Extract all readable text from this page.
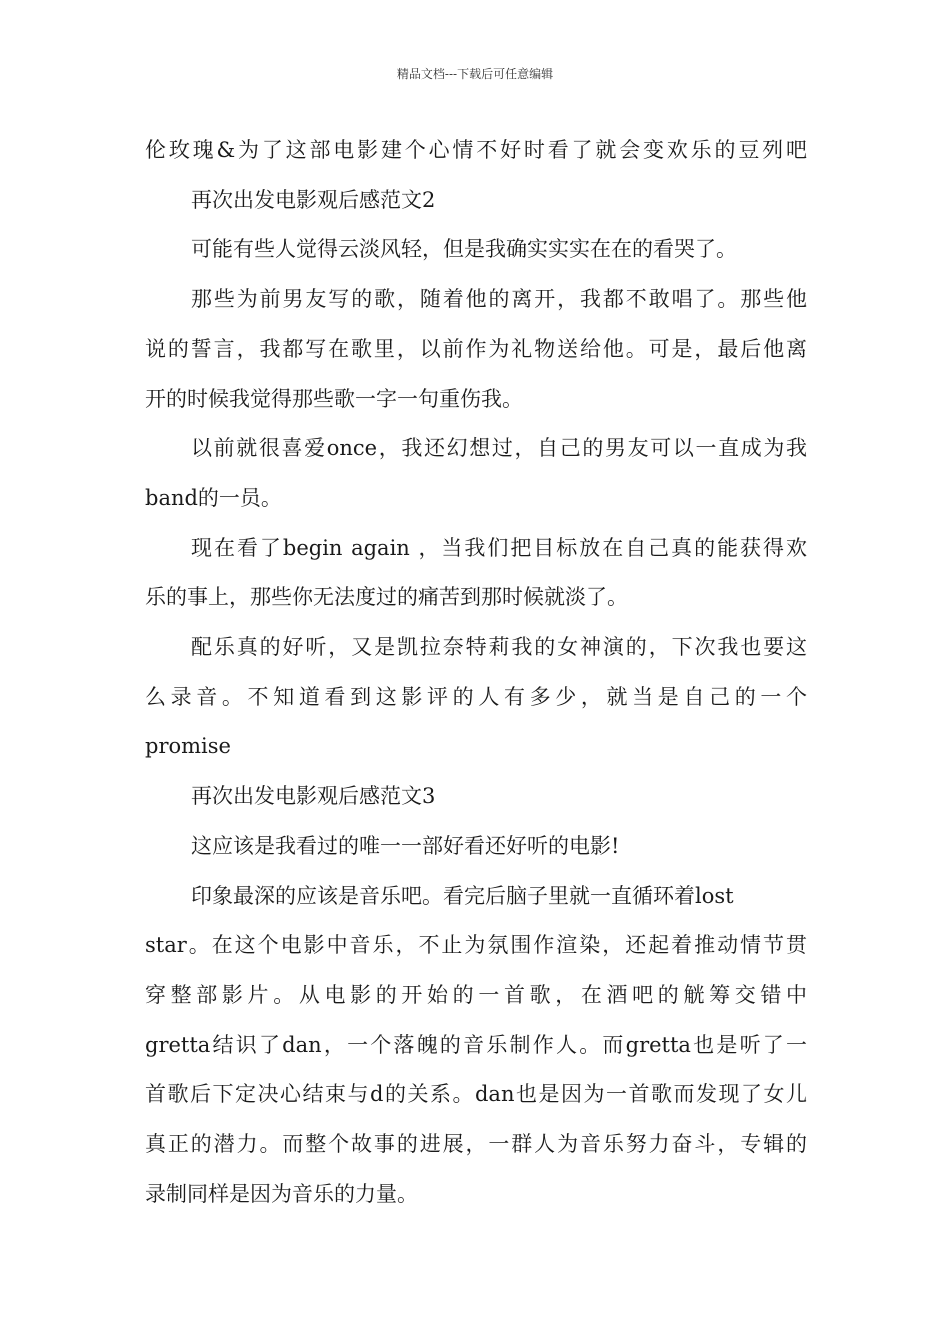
精品文档---下载后可任意编辑

伦玫瑰&为了这部电影建个心情不好时看了就会变欢乐的豆列吧

再次出发电影观后感范文2

可能有些人觉得云淡风轻，但是我确实实实在在的看哭了。

那些为前男友写的歌，随着他的离开，我都不敢唱了。那些他

说的誓言，我都写在歌里，以前作为礼物送给他。可是，最后他离

开的时候我觉得那些歌一字一句重伤我。

以前就很喜爱once，我还幻想过，自己的男友可以一直成为我

band的一员。

现在看了begin again ，当我们把目标放在自己真的能获得欢

乐的事上，那些你无法度过的痛苦到那时候就淡了。

配乐真的好听，又是凯拉奈特莉我的女神演的，下次我也要这

么录音。不知道看到这影评的人有多少，就当是自己的一个

promise

再次出发电影观后感范文3

这应该是我看过的唯一一部好看还好听的电影!

印象最深的应该是音乐吧。看完后脑子里就一直循环着lost

star。在这个电影中音乐，不止为氛围作渲染，还起着推动情节贯

穿整部影片。从电影的开始的一首歌，在酒吧的觥筹交错中

gretta结识了dan，一个落魄的音乐制作人。而gretta也是听了一

首歌后下定决心结束与d的关系。dan也是因为一首歌而发现了女儿

真正的潜力。而整个故事的进展，一群人为音乐努力奋斗，专辑的

录制同样是因为音乐的力量。
